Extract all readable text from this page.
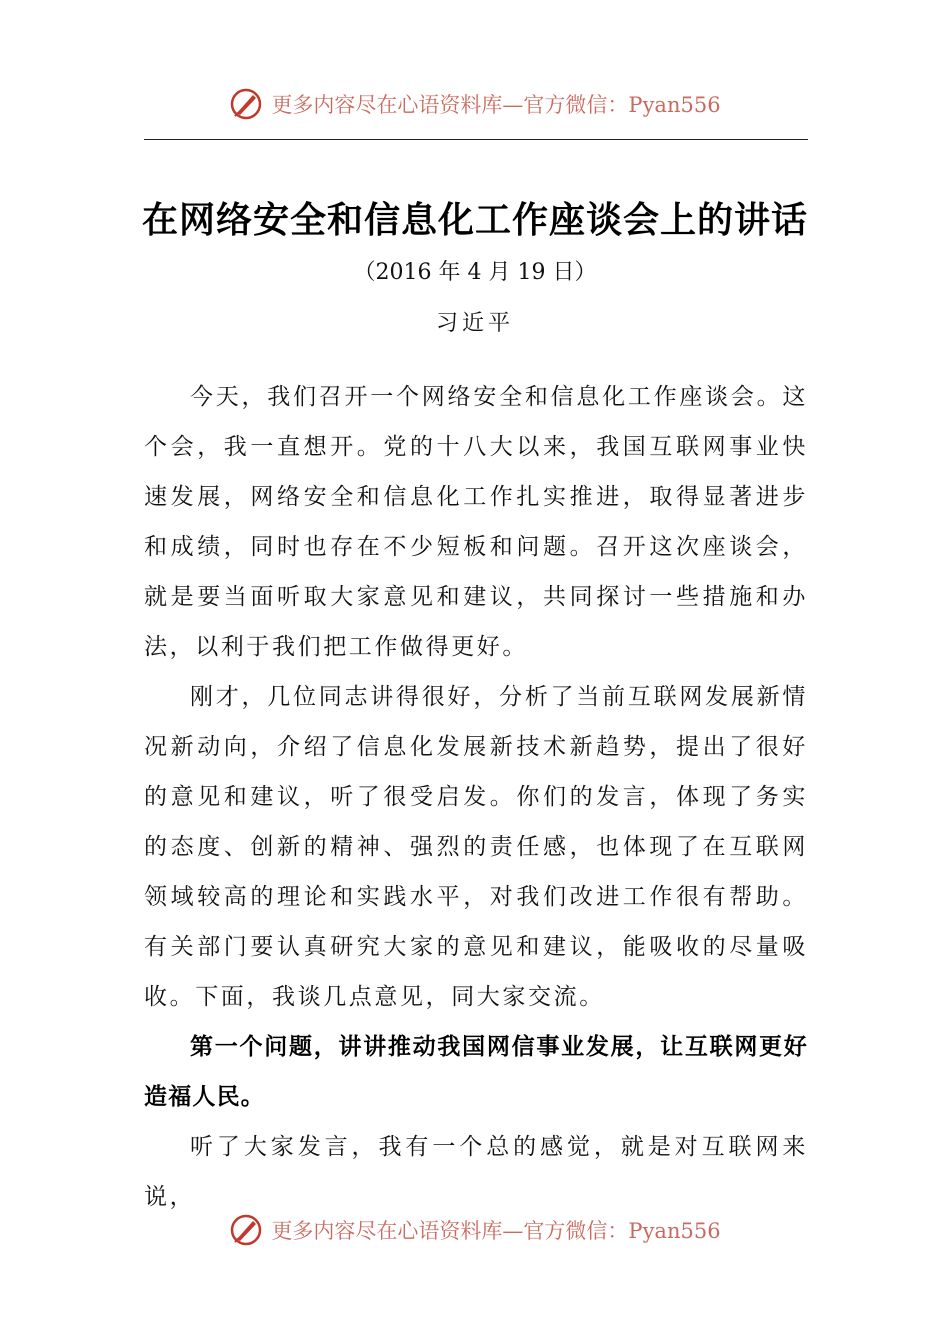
更多内容尽在心语资料库—官方微信：Pyan556
在网络安全和信息化工作座谈会上的讲话
（2016 年 4 月 19 日）
习近平

今天，我们召开一个网络安全和信息化工作座谈会。这个会，我一直想开。党的十八大以来，我国互联网事业快速发展，网络安全和信息化工作扎实推进，取得显著进步和成绩，同时也存在不少短板和问题。召开这次座谈会，就是要当面听取大家意见和建议，共同探讨一些措施和办法，以利于我们把工作做得更好。

刚才，几位同志讲得很好，分析了当前互联网发展新情况新动向，介绍了信息化发展新技术新趋势，提出了很好的意见和建议，听了很受启发。你们的发言，体现了务实的态度、创新的精神、强烈的责任感，也体现了在互联网领域较高的理论和实践水平，对我们改进工作很有帮助。有关部门要认真研究大家的意见和建议，能吸收的尽量吸收。下面，我谈几点意见，同大家交流。

第一个问题，讲讲推动我国网信事业发展，让互联网更好造福人民。

听了大家发言，我有一个总的感觉，就是对互联网来说，

更多内容尽在心语资料库—官方微信：Pyan556
